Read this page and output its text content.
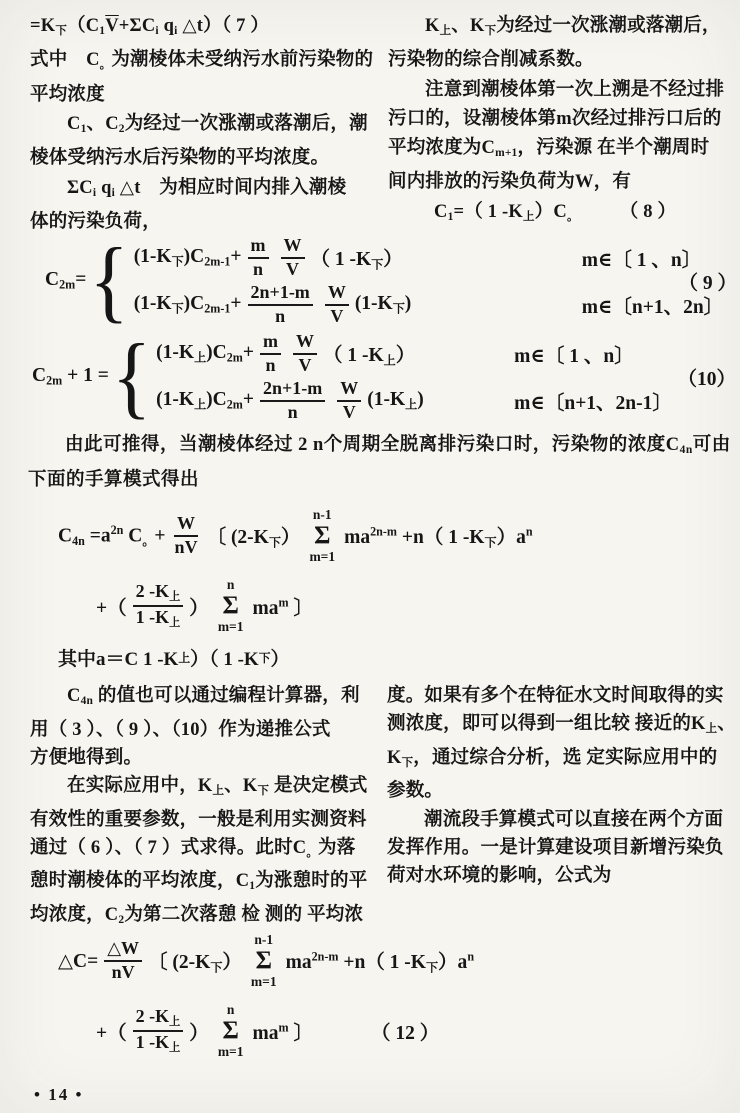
=K下（$C1\overline{V}+\Sigma Ci$ qi △t）（ 7 ）
式中　C。为潮棱体未受纳污水前污染物的
平均浓度
C1、C2为经过一次涨潮或落潮后，潮
棱体受纳污水后污染物的平均浓度。
ΣCi qi △t　为相应时间内排入潮棱
体的污染负荷，
K上、K下为经过一次涨潮或落潮后，
污染物的综合削减系数。
注意到潮棱体第一次上溯是不经过排
污口的，设潮棱体第m次经过排污口后的
平均浓度为Cm+1，污染源 在半个潮周时
间内排放的污染负荷为W，有
C1=（ 1 -K上）C。　　　（ 8 ）
C2m= { (1-K下)$C2m-1+ \frac{m}{n} \frac{W}{V}$ （ 1 -K下）	m∈〔 1 、n〕
(1-K下)$C2m-1+ \frac{2n+1-m}{n} \frac{W}{V} (1-K$下)	m∈〔n+1、2n〕
（ 9 ）
C2m + 1 = { (1-K上)$C2m+ \frac{m}{n} \frac{W}{V}$ （ 1 -K上）	m∈〔 1 、n〕
(1-K上)$C2m+ \frac{2n+1-m}{n} \frac{W}{V} (1-K$上)	m∈〔n+1、2n-1〕
（10）
由此可推得，当潮棱体经过 2 n个周期全脱离排污染口时，污染物的浓度C4n可由
下面的手算模式得出
$C4n =a^{2n}$ C。+ $\frac{W}{n\overline{V}}$ 〔 (2-K下）
n-1
Σ
m=1
$ma^{2n-m} +n$（ 1 -K下）$a^n$
+（ $\frac{\text{2 -K上}}{\text{1 -K上}}$ ）
n
Σ
m=1
$ma^m$ 〕
其中a＝C 1 -K 上 ）（ 1 -K 下 ）
C4n 的值也可以通过编程计算器，利
用（ 3 ）、（ 9 ）、（10）作为递推公式
方便地得到。
在实际应用中，K上、K下 是决定模式
有效性的重要参数，一般是利用实测资料
通过（ 6 ）、（ 7 ）式求得。此时C。为落
憩时潮棱体的平均浓度，C1为涨憩时的平
均浓度，C2为第二次落憩 检 测的 平均浓
度。如果有多个在特征水文时间取得的实
测浓度，即可以得到一组比较 接近的K上、
K下，通过综合分析，选 定实际应用中的
参数。
潮流段手算模式可以直接在两个方面
发挥作用。一是计算建设项目新增污染负
荷对水环境的影响，公式为
△C= $\frac{\triangle W}{n\overline{V}}$ 〔 (2-K下）
n-1
Σ
m=1
$ma^{2n-m} +n$（ 1 -K下）$a^n$
+（ $\frac{\text{2 -K上}}{\text{1 -K上}}$ ）
n
Σ
m=1
$ma^m$ 〕	（ 12 ）
• 14 •
